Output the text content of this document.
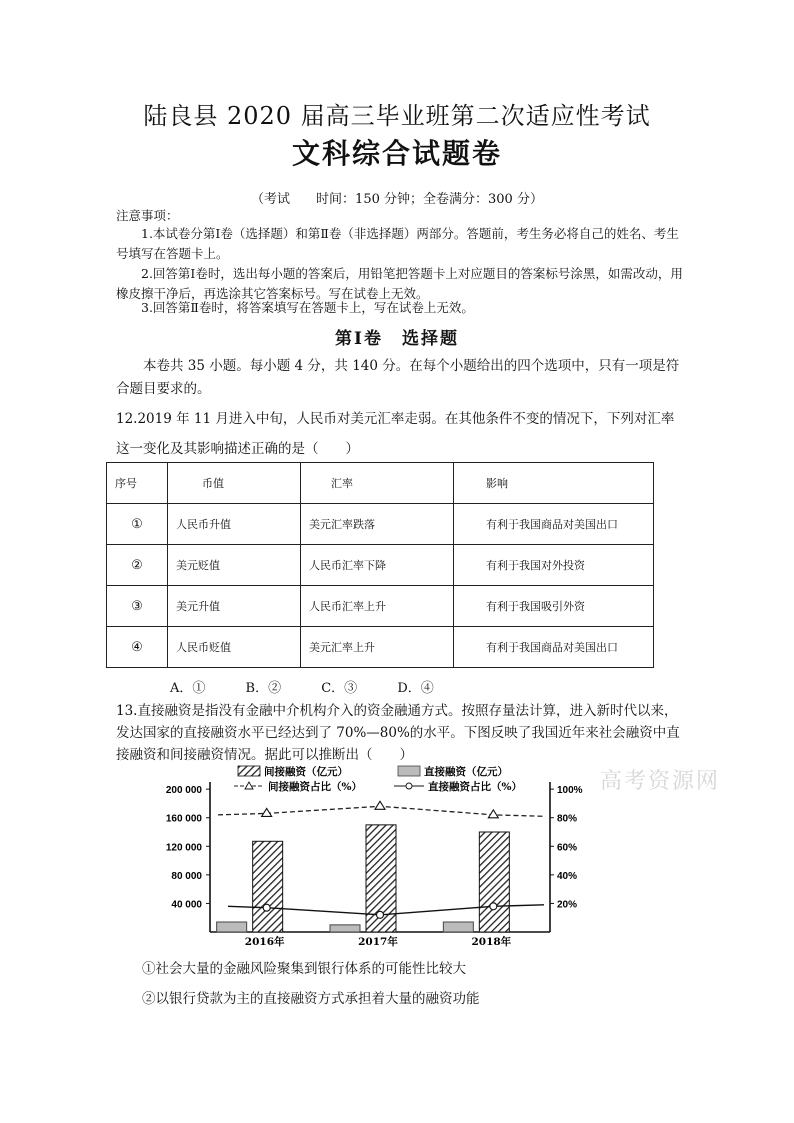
陆良县 2020 届高三毕业班第二次适应性考试
文科综合试题卷
（考试　　时间：150 分钟；全卷满分：300 分）
注意事项：
1.本试卷分第Ⅰ卷（选择题）和第Ⅱ卷（非选择题）两部分。答题前，考生务必将自己的姓名、考生号填写在答题卡上。
2.回答第Ⅰ卷时，选出每小题的答案后，用铅笔把答题卡上对应题目的答案标号涂黑，如需改动，用橡皮擦干净后，再选涂其它答案标号。写在试卷上无效。
3.回答第Ⅱ卷时，将答案填写在答题卡上，写在试卷上无效。
第Ⅰ卷　选择题
本卷共 35 小题。每小题 4 分，共 140 分。在每个小题给出的四个选项中，只有一项是符合题目要求的。
12.2019 年 11 月进入中旬，人民币对美元汇率走弱。在其他条件不变的情况下，下列对汇率这一变化及其影响描述正确的是（　　）
序号	币值	汇率	影响
①	人民币升值	美元汇率跌落	有利于我国商品对美国出口
②	美元贬值	人民币汇率下降	有利于我国对外投资
③	美元升值	人民币汇率上升	有利于我国吸引外资
④	人民币贬值	美元汇率上升	有利于我国商品对美国出口
A．①	B．②	C．③	D．④
13.直接融资是指没有金融中介机构介入的资金融通方式。按照存量法计算，进入新时代以来，发达国家的直接融资水平已经达到了 70%—80%的水平。下图反映了我国近年来社会融资中直接融资和间接融资情况。据此可以推断出（　　）
高考资源网
间接融资（亿元）	直接融资（亿元）
间接融资占比（%）	直接融资占比（%）
40 000
80 000
120 000
160 000
200 000
20%
40%
60%
80%
100%
2016年	2017年	2018年
①社会大量的金融风险聚集到银行体系的可能性比较大
②以银行贷款为主的直接融资方式承担着大量的融资功能
